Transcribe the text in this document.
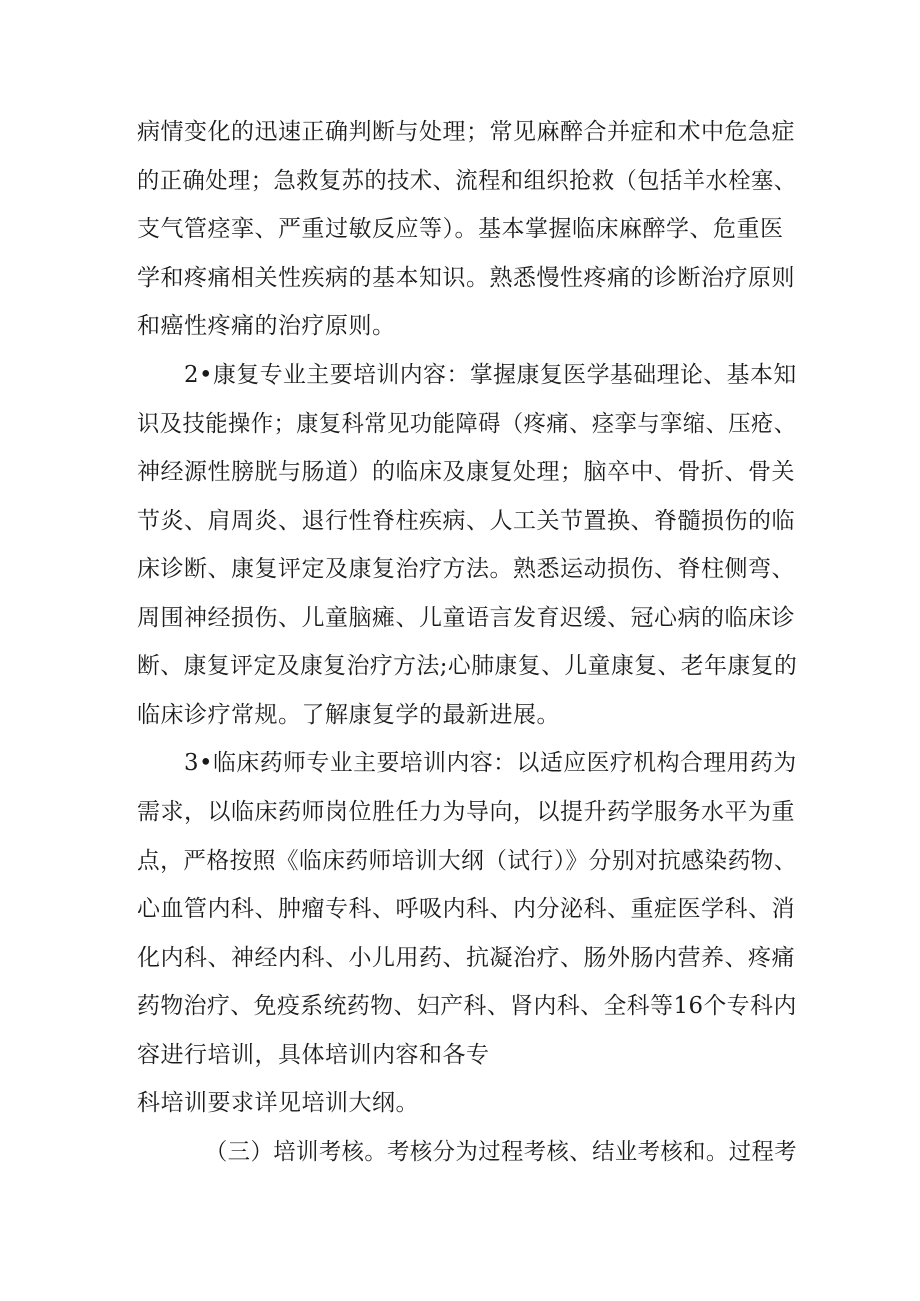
病情变化的迅速正确判断与处理；常见麻醉合并症和术中危急症
的正确处理；急救复苏的技术、流程和组织抢救（包括羊水栓塞、
支气管痉挛、严重过敏反应等）。基本掌握临床麻醉学、危重医
学和疼痛相关性疾病的基本知识。熟悉慢性疼痛的诊断治疗原则
和癌性疼痛的治疗原则。
2•康复专业主要培训内容：掌握康复医学基础理论、基本知
识及技能操作；康复科常见功能障碍（疼痛、痉挛与挛缩、压疮、
神经源性膀胱与肠道）的临床及康复处理；脑卒中、骨折、骨关
节炎、肩周炎、退行性脊柱疾病、人工关节置换、脊髓损伤的临
床诊断、康复评定及康复治疗方法。熟悉运动损伤、脊柱侧弯、
周围神经损伤、儿童脑瘫、儿童语言发育迟缓、冠心病的临床诊
断、康复评定及康复治疗方法;心肺康复、儿童康复、老年康复的
临床诊疗常规。了解康复学的最新进展。
3•临床药师专业主要培训内容：以适应医疗机构合理用药为
需求，以临床药师岗位胜任力为导向，以提升药学服务水平为重
点，严格按照《临床药师培训大纲（试行）》分别对抗感染药物、
心血管内科、肿瘤专科、呼吸内科、内分泌科、重症医学科、消
化内科、神经内科、小儿用药、抗凝治疗、肠外肠内营养、疼痛
药物治疗、免疫系统药物、妇产科、肾内科、全科等16个专科内
容进行培训，具体培训内容和各专
科培训要求详见培训大纲。
（三）培训考核。考核分为过程考核、结业考核和。过程考
